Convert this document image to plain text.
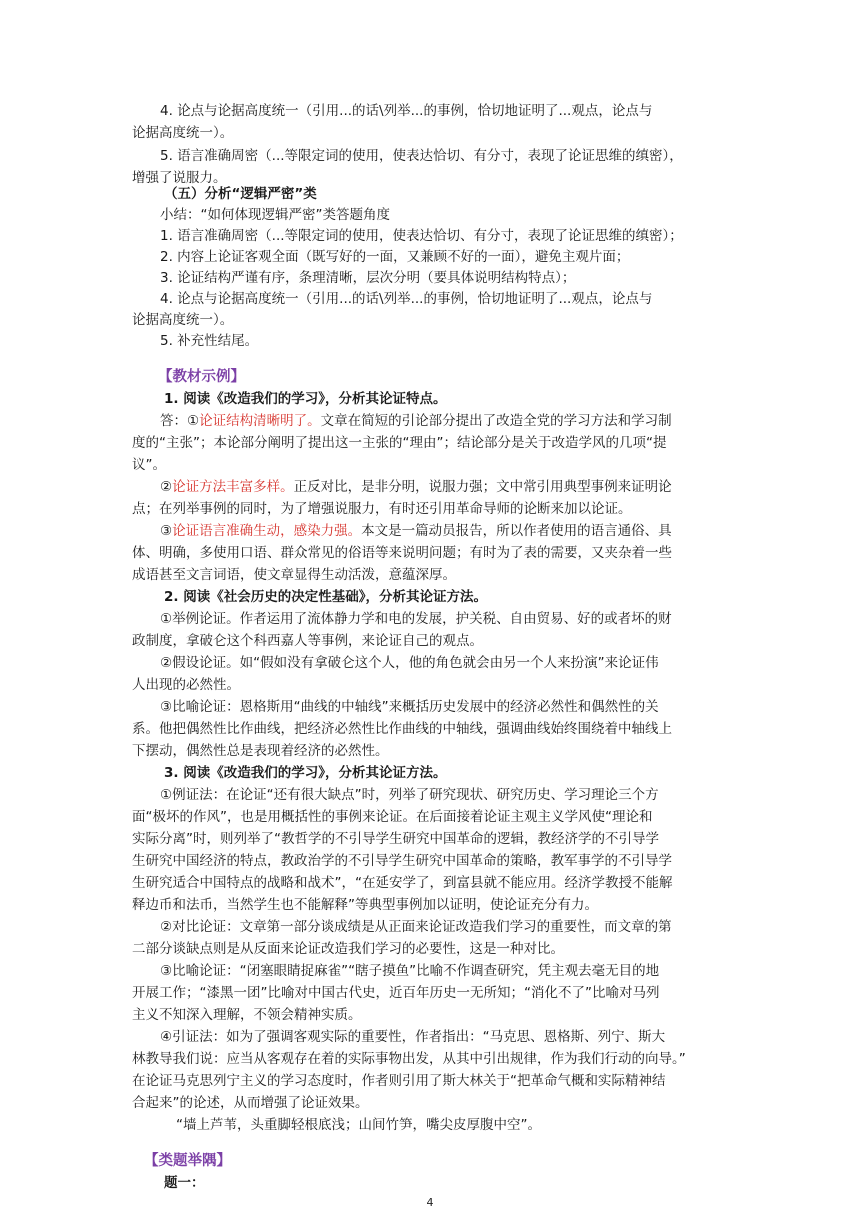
4. 论点与论据高度统一（引用...的话\列举...的事例，恰切地证明了...观点，论点与
论据高度统一）。
5. 语言准确周密（...等限定词的使用，使表达恰切、有分寸，表现了论证思维的缜密），
增强了说服力。
（五）分析“逻辑严密”类
小结：“如何体现逻辑严密”类答题角度
1. 语言准确周密（...等限定词的使用，使表达恰切、有分寸，表现了论证思维的缜密）；
2. 内容上论证客观全面（既写好的一面，又兼顾不好的一面），避免主观片面；
3. 论证结构严谨有序，条理清晰，层次分明（要具体说明结构特点）；
4. 论点与论据高度统一（引用...的话\列举...的事例，恰切地证明了...观点，论点与
论据高度统一）。
5. 补充性结尾。
【教材示例】
1. 阅读《改造我们的学习》，分析其论证特点。
答：①论证结构清晰明了。文章在简短的引论部分提出了改造全党的学习方法和学习制
度的“主张”；本论部分阐明了提出这一主张的“理由”；结论部分是关于改造学风的几项“提
议”。
②论证方法丰富多样。正反对比，是非分明，说服力强；文中常引用典型事例来证明论
点；在列举事例的同时，为了增强说服力，有时还引用革命导师的论断来加以论证。
③论证语言准确生动，感染力强。本文是一篇动员报告，所以作者使用的语言通俗、具
体、明确，多使用口语、群众常见的俗语等来说明问题；有时为了表的需要，又夹杂着一些
成语甚至文言词语，使文章显得生动活泼，意蕴深厚。
2. 阅读《社会历史的决定性基础》，分析其论证方法。
①举例论证。作者运用了流体静力学和电的发展，护关税、自由贸易、好的或者坏的财
政制度，拿破仑这个科西嘉人等事例，来论证自己的观点。
②假设论证。如“假如没有拿破仑这个人，他的角色就会由另一个人来扮演”来论证伟
人出现的必然性。
③比喻论证：恩格斯用“曲线的中轴线”来概括历史发展中的经济必然性和偶然性的关
系。他把偶然性比作曲线，把经济必然性比作曲线的中轴线，强调曲线始终围绕着中轴线上
下摆动，偶然性总是表现着经济的必然性。
3. 阅读《改造我们的学习》，分析其论证方法。
①例证法：在论证“还有很大缺点”时，列举了研究现状、研究历史、学习理论三个方
面“极坏的作风”，也是用概括性的事例来论证。在后面接着论证主观主义学风使“理论和
实际分离”时，则列举了“教哲学的不引导学生研究中国革命的逻辑，教经济学的不引导学
生研究中国经济的特点，教政治学的不引导学生研究中国革命的策略，教军事学的不引导学
生研究适合中国特点的战略和战术”，“在延安学了，到富县就不能应用。经济学教授不能解
释边币和法币，当然学生也不能解释”等典型事例加以证明，使论证充分有力。
②对比论证：文章第一部分谈成绩是从正面来论证改造我们学习的重要性，而文章的第
二部分谈缺点则是从反面来论证改造我们学习的必要性，这是一种对比。
③比喻论证：“闭塞眼睛捉麻雀”“瞎子摸鱼”比喻不作调查研究，凭主观去毫无目的地
开展工作；“漆黑一团”比喻对中国古代史，近百年历史一无所知；“消化不了”比喻对马列
主义不知深入理解，不领会精神实质。
④引证法：如为了强调客观实际的重要性，作者指出：“马克思、恩格斯、列宁、斯大
林教导我们说：应当从客观存在着的实际事物出发，从其中引出规律，作为我们行动的向导。”
在论证马克思列宁主义的学习态度时，作者则引用了斯大林关于“把革命气概和实际精神结
合起来”的论述，从而增强了论证效果。
“墙上芦苇，头重脚轻根底浅；山间竹笋，嘴尖皮厚腹中空”。
【类题举隅】
题一：
4
